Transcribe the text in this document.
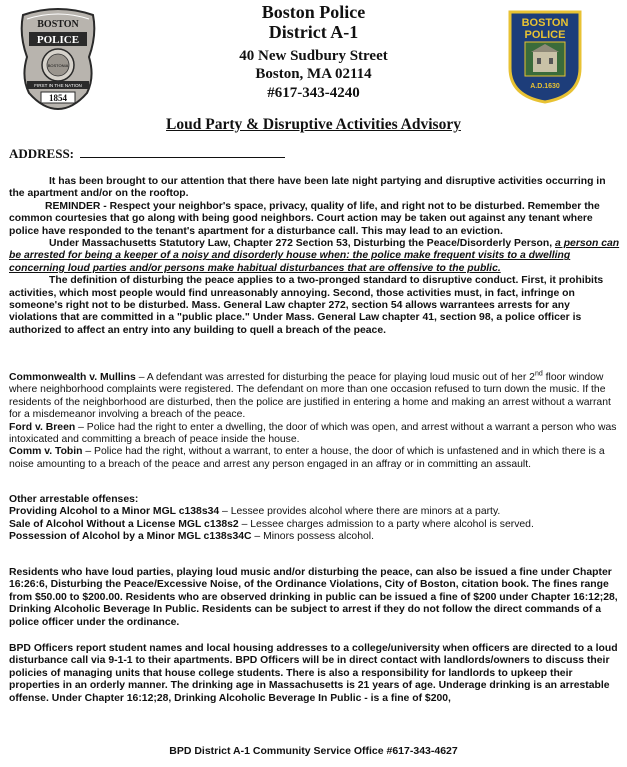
BOSTON
POLICE
BOSTONIA
FIRST IN THE NATION
1854
Boston Police
District A-1
40 New Sudbury Street
Boston, MA 02114
#617-343-4240
BOSTON
POLICE
A.D.1630
Loud Party & Disruptive Activities Advisory
ADDRESS:

It has been brought to our attention that there have been late night partying and disruptive activities occurring in the apartment and/or on the rooftop.

REMINDER - Respect your neighbor's space, privacy, quality of life, and right not to be disturbed. Remember the common courtesies that go along with being good neighbors. Court action may be taken out against any tenant where police have responded to the tenant's apartment for a disturbance call. This may lead to an eviction.

Under Massachusetts Statutory Law, Chapter 272 Section 53, Disturbing the Peace/Disorderly Person, a person can be arrested for being a keeper of a noisy and disorderly house when: the police make frequent visits to a dwelling concerning loud parties and/or persons make habitual disturbances that are offensive to the public.

The definition of disturbing the peace applies to a two-pronged standard to disruptive conduct. First, it prohibits activities, which most people would find unreasonably annoying. Second, those activities must, in fact, infringe on someone's right not to be disturbed. Mass. General Law chapter 272, section 54 allows warrantees arrests for any violations that are committed in a "public place." Under Mass. General Law chapter 41, section 98, a police officer is authorized to affect an entry into any building to quell a breach of the peace.

Commonwealth v. Mullins – A defendant was arrested for disturbing the peace for playing loud music out of her 2nd floor window where neighborhood complaints were registered. The defendant on more than one occasion refused to turn down the music. If the residents of the neighborhood are disturbed, then the police are justified in entering a home and making an arrest without a warrant for a misdemeanor involving a breach of the peace.

Ford v. Breen – Police had the right to enter a dwelling, the door of which was open, and arrest without a warrant a person who was intoxicated and committing a breach of peace inside the house.

Comm v. Tobin – Police had the right, without a warrant, to enter a house, the door of which is unfastened and in which there is a noise amounting to a breach of the peace and arrest any person engaged in an affray or in committing an assault.

Other arrestable offenses:

Providing Alcohol to a Minor MGL c138s34 – Lessee provides alcohol where there are minors at a party.

Sale of Alcohol Without a License MGL c138s2 – Lessee charges admission to a party where alcohol is served.

Possession of Alcohol by a Minor MGL c138s34C – Minors possess alcohol.

Residents who have loud parties, playing loud music and/or disturbing the peace, can also be issued a fine under Chapter 16:26:6, Disturbing the Peace/Excessive Noise, of the Ordinance Violations, City of Boston, citation book. The fines range from $50.00 to $200.00. Residents who are observed drinking in public can be issued a fine of $200 under Chapter 16:12;28, Drinking Alcoholic Beverage In Public. Residents can be subject to arrest if they do not follow the direct commands of a police officer under the ordinance.
BPD Officers report student names and local housing addresses to a college/university when officers are directed to a loud disturbance call via 9-1-1 to their apartments. BPD Officers will be in direct contact with landlords/owners to discuss their policies of managing units that house college students. There is also a responsibility for landlords to upkeep their properties in an orderly manner. The drinking age in Massachusetts is 21 years of age. Underage drinking is an arrestable offense. Under Chapter 16:12;28, Drinking Alcoholic Beverage In Public - is a fine of $200,
BPD District A-1 Community Service Office #617-343-4627
